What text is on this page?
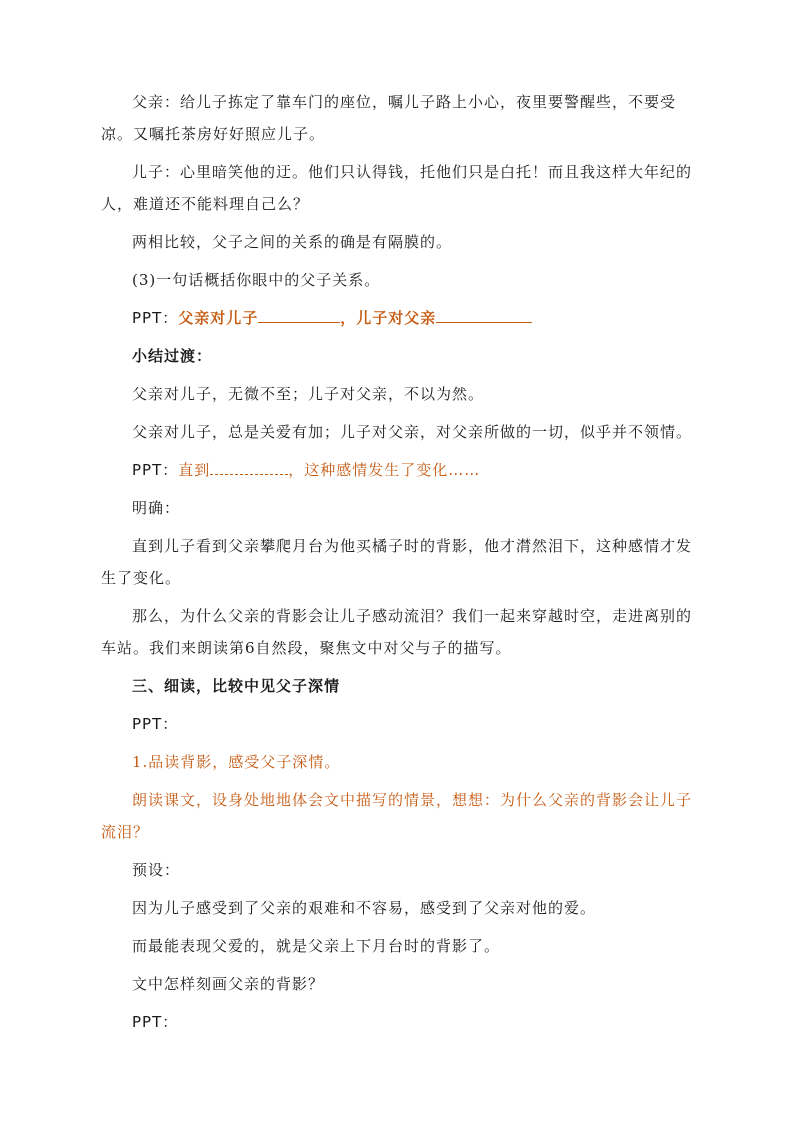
父亲：给儿子拣定了靠车门的座位，嘱儿子路上小心，夜里要警醒些，不要受凉。又嘱托茶房好好照应儿子。

儿子：心里暗笑他的迂。他们只认得钱，托他们只是白托！而且我这样大年纪的人，难道还不能料理自己么？

两相比较，父子之间的关系的确是有隔膜的。

(3)一句话概括你眼中的父子关系。

PPT：父亲对儿子	，儿子对父亲

小结过渡：

父亲对儿子，无微不至；儿子对父亲，不以为然。

父亲对儿子，总是关爱有加；儿子对父亲，对父亲所做的一切，似乎并不领情。

PPT：直到	，这种感情发生了变化……

明确：

直到儿子看到父亲攀爬月台为他买橘子时的背影，他才潸然泪下，这种感情才发生了变化。

那么，为什么父亲的背影会让儿子感动流泪？我们一起来穿越时空，走进离别的车站。我们来朗读第6自然段，聚焦文中对父与子的描写。

三、细读，比较中见父子深情

PPT：

1.品读背影，感受父子深情。

朗读课文，设身处地地体会文中描写的情景，想想：为什么父亲的背影会让儿子流泪？

预设：

因为儿子感受到了父亲的艰难和不容易，感受到了父亲对他的爱。

而最能表现父爱的，就是父亲上下月台时的背影了。

文中怎样刻画父亲的背影？

PPT：
